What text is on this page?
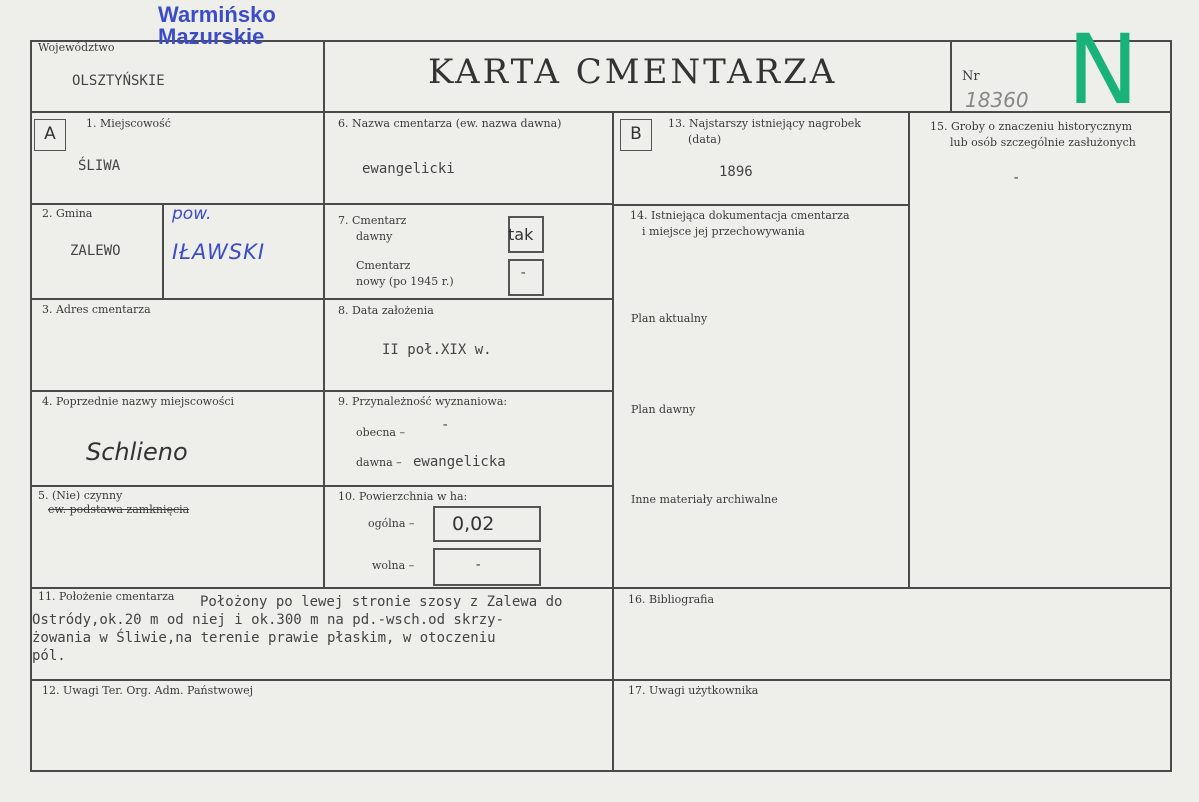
Warmińsko
Mazurskie
Województwo
OLSZTYŃSKIE	KARTA CMENTARZA	Nr
18360 N
A	B
1. Miejscowość
ŚLIWA
2. Gmina
ZALEWO
pow.
IŁAWSKI
3. Adres cmentarza
4. Poprzednie nazwy miejscowości
Schlieno
5. (Nie) czynny
ew. podstawa zamknięcia
6. Nazwa cmentarza (ew. nazwa dawna)
ewangelicki
7. Cmentarz
dawny	tak
Cmentarz
nowy (po 1945 r.)
-
8. Data założenia
II poł.XIX w.
9. Przynależność wyznaniowa:
obecna –	-
dawna – ewangelicka
10. Powierzchnia w ha:
ogólna – 0,02
wolna –	-
11. Położenie cmentarza Położony po lewej stronie szosy z Zalewa do
Ostródy,ok.20 m od niej i ok.300 m na pd.-wsch.od skrzy-
żowania w Śliwie,na terenie prawie płaskim, w otoczeniu
pól.
12. Uwagi Ter. Org. Adm. Państwowej
13. Najstarszy istniejący nagrobek
(data)
1896
14. Istniejąca dokumentacja cmentarza
i miejsce jej przechowywania
Plan aktualny
Plan dawny
Inne materiały archiwalne
15. Groby o znaczeniu historycznym
lub osób szczególnie zasłużonych
-
16. Bibliografia
17. Uwagi użytkownika
